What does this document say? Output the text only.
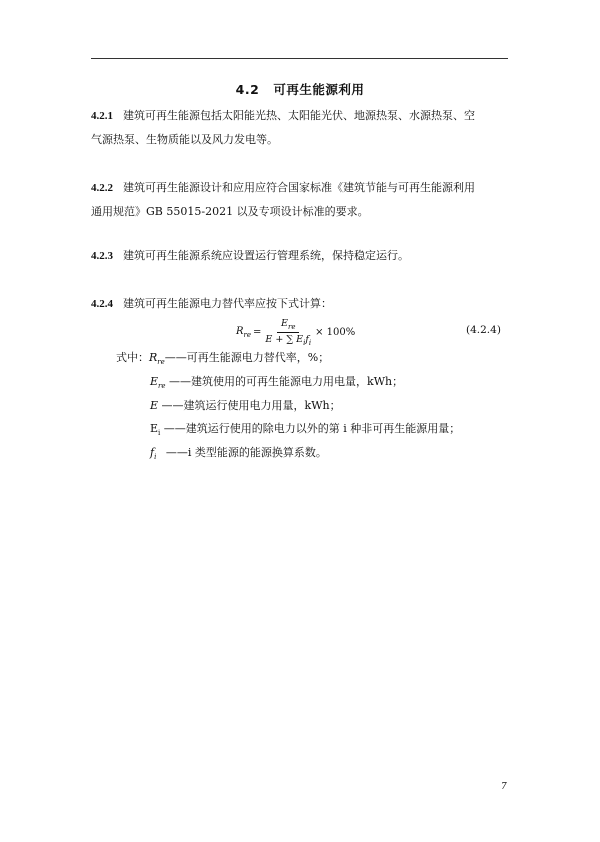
4.2 可再生能源利用
4.2.1 建筑可再生能源包括太阳能光热、太阳能光伏、地源热泵、水源热泵、空
气源热泵、生物质能以及风力发电等。
4.2.2 建筑可再生能源设计和应用应符合国家标准《建筑节能与可再生能源利用
通用规范》GB 55015-2021 以及专项设计标准的要求。
4.2.3 建筑可再生能源系统应设置运行管理系统，保持稳定运行。
4.2.4 建筑可再生能源电力替代率应按下式计算：
$R_{re} = \frac{E_{re}}{E + \sum E_if_i} \times 100\%$	(4.2.4)
式中：$R_{re}——$可再生能源电力替代率，%；
$E_{re}$ ——建筑使用的可再生能源电力用电量，kWh；
E ——建筑运行使用电力用量，kWh；
$E_i$ ——建筑运行使用的除电力以外的第 i 种非可再生能源用量；
$f_i$ ——i 类型能源的能源换算系数。
7
